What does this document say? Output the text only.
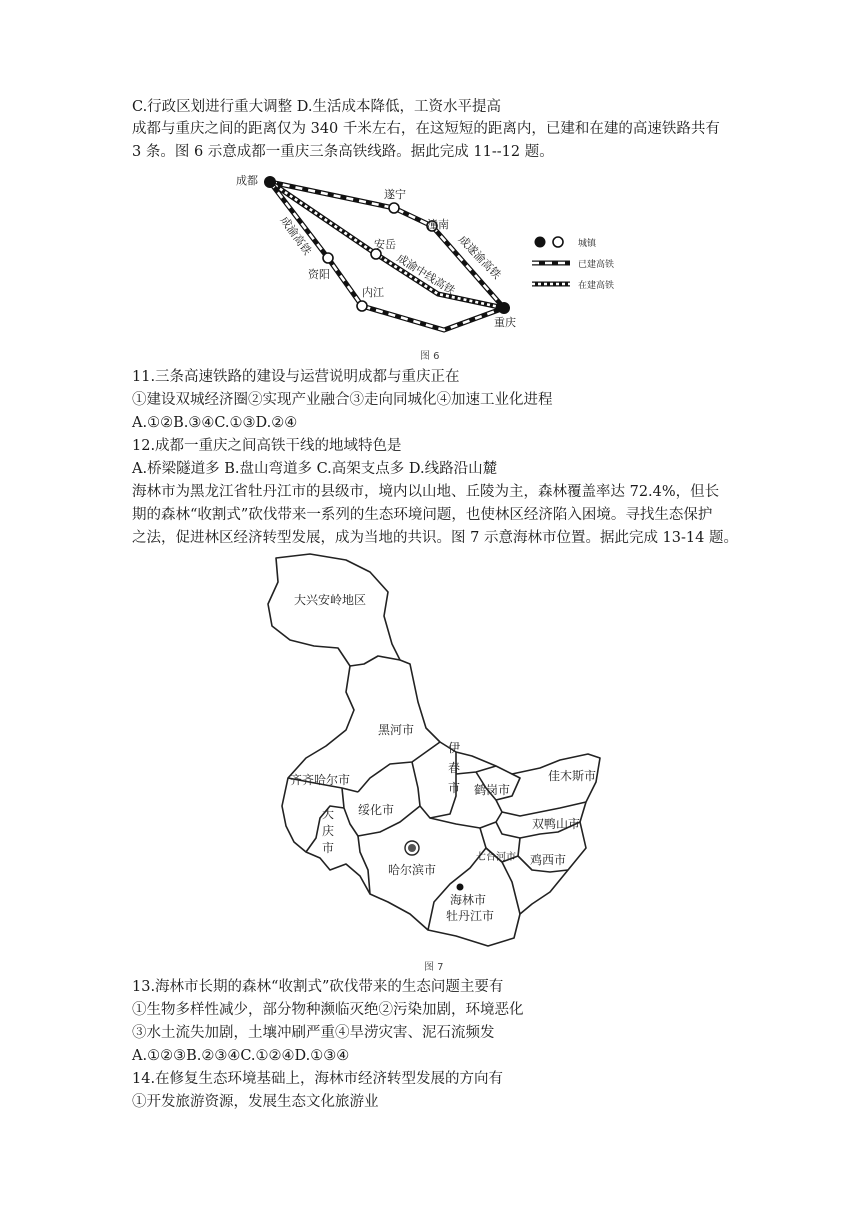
C.行政区划进行重大调整 D.生活成本降低，工资水平提高
成都与重庆之间的距离仅为 340 千米左右，在这短短的距离内，已建和在建的高速铁路共有
3 条。图 6 示意成都一重庆三条高铁线路。据此完成 11--12 题。
成都
遂宁
潼南
安岳
资阳
内江
重庆
成渝高铁
成渝中线高铁
成遂渝高铁	城镇
已建高铁
在建高铁
图 6
11.三条高速铁路的建设与运营说明成都与重庆正在
①建设双城经济圈②实现产业融合③走向同城化④加速工业化进程
A.①②B.③④C.①③D.②④
12.成都一重庆之间高铁干线的地域特色是
A.桥梁隧道多 B.盘山弯道多 C.高架支点多 D.线路沿山麓
海林市为黑龙江省牡丹江市的县级市，境内以山地、丘陵为主，森林覆盖率达 72.4%，但长
期的森林“收割式”砍伐带来一系列的生态环境问题，也使林区经济陷入困境。寻找生态保护
之法，促进林区经济转型发展，成为当地的共识。图 7 示意海林市位置。据此完成 13-14 题。
大兴安岭地区
黑河市
齐齐哈尔市
伊春市 鹤岗市
佳木斯市
绥化市
大庆市
双鸭山市
七台河市 鸡西市
哈尔滨市
海林市
牡丹江市
图 7
13.海林市长期的森林“收割式”砍伐带来的生态问题主要有
①生物多样性减少，部分物种濒临灭绝②污染加剧，环境恶化
③水土流失加剧，土壤冲刷严重④旱涝灾害、泥石流频发
A.①②③B.②③④C.①②④D.①③④
14.在修复生态环境基础上，海林市经济转型发展的方向有
①开发旅游资源，发展生态文化旅游业
